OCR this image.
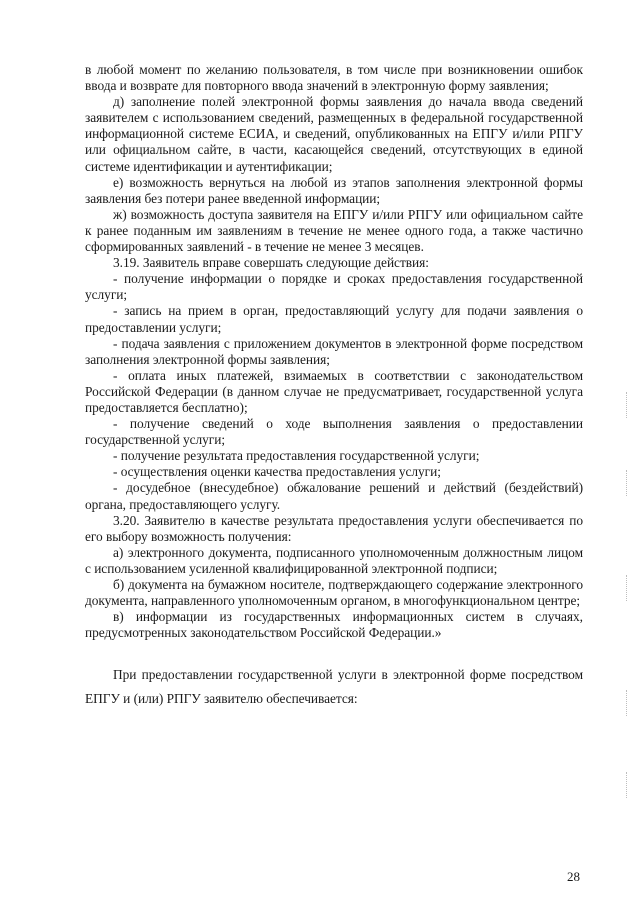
в любой момент по желанию пользователя, в том числе при возникновении ошибок ввода и возврате для повторного ввода значений в электронную форму заявления;

д) заполнение полей электронной формы заявления до начала ввода сведений заявителем с использованием сведений, размещенных в федеральной государственной информационной системе ЕСИА, и сведений, опубликованных на ЕПГУ и/или РПГУ или официальном сайте, в части, касающейся сведений, отсутствующих в единой системе идентификации и аутентификации;

е) возможность вернуться на любой из этапов заполнения электронной формы заявления без потери ранее введенной информации;

ж) возможность доступа заявителя на ЕПГУ и/или РПГУ или официальном сайте к ранее поданным им заявлениям в течение не менее одного года, а также частично сформированных заявлений - в течение не менее 3 месяцев.

3.19. Заявитель вправе совершать следующие действия:

- получение информации о порядке и сроках предоставления государственной услуги;

- запись на прием в орган, предоставляющий услугу для подачи заявления о предоставлении услуги;

- подача заявления с приложением документов в электронной форме посредством заполнения электронной формы заявления;

- оплата иных платежей, взимаемых в соответствии с законодательством Российской Федерации (в данном случае не предусматривает, государственной услуга предоставляется бесплатно);

- получение сведений о ходе выполнения заявления о предоставлении государственной услуги;

- получение результата предоставления государственной услуги;

- осуществления оценки качества предоставления услуги;

- досудебное (внесудебное) обжалование решений и действий (бездействий) органа, предоставляющего услугу.

3.20. Заявителю в качестве результата предоставления услуги обеспечивается по его выбору возможность получения:

а) электронного документа, подписанного уполномоченным должностным лицом с использованием усиленной квалифицированной электронной подписи;

б) документа на бумажном носителе, подтверждающего содержание электронного документа, направленного уполномоченным органом, в многофункциональном центре;

в) информации из государственных информационных систем в случаях, предусмотренных законодательством Российской Федерации.»

При предоставлении государственной услуги в электронной форме посредством ЕПГУ и (или) РПГУ заявителю обеспечивается:

28
